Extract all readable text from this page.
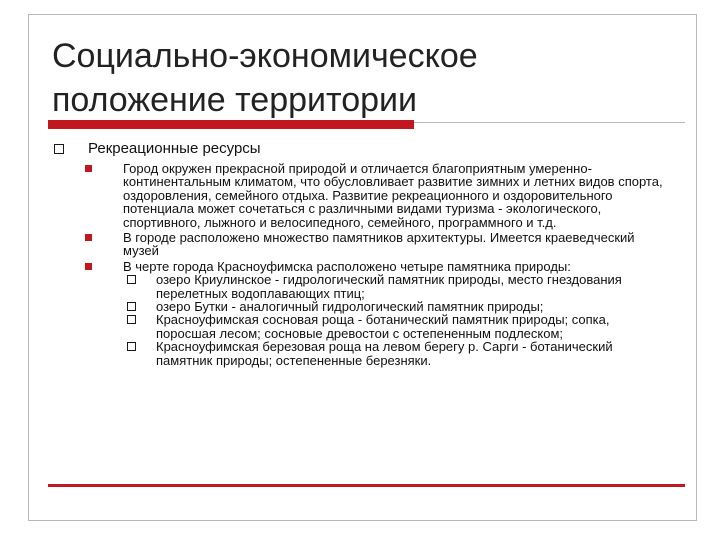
Социально-экономическое
положение территории

Рекреационные ресурсы

Город окружен прекрасной природой и отличается благоприятным умеренно-континентальным климатом, что обусловливает развитие зимних и летних видов спорта, оздоровления, семейного отдыха. Развитие рекреационного и оздоровительного потенциала может сочетаться с различными видами туризма - экологического, спортивного, лыжного и велосипедного, семейного, программного и т.д.

В городе расположено множество памятников архитектуры. Имеется краеведческий музей

В черте города Красноуфимска расположено четыре памятника природы:

озеро Криулинское - гидрологический памятник природы, место гнездования перелетных водоплавающих птиц;

озеро Бутки - аналогичный гидрологический памятник природы;

Красноуфимская сосновая роща - ботанический памятник природы; сопка, поросшая лесом; сосновые древостои с остепененным подлеском;

Красноуфимская березовая роща на левом берегу р. Сарги - ботанический памятник природы; остепененные березняки.
